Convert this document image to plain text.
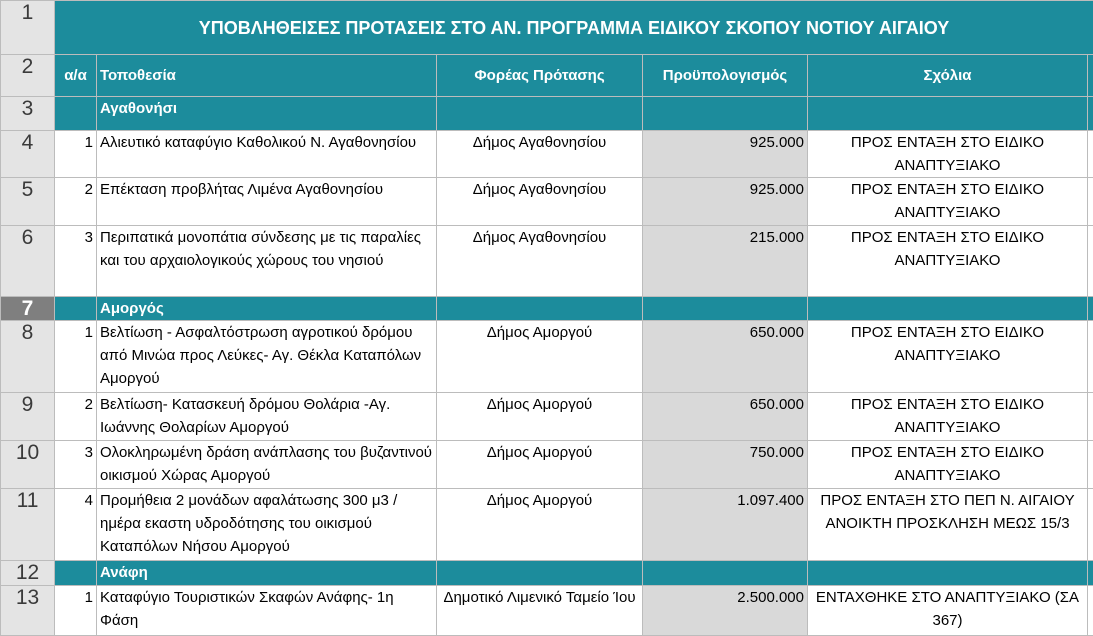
1	ΥΠΟΒΛΗΘΕΙΣΕΣ ΠΡΟΤΑΣΕΙΣ ΣΤΟ ΑΝ. ΠΡΟΓΡΑΜΜΑ ΕΙΔΙΚΟΥ ΣΚΟΠΟΥ ΝΟΤΙΟΥ ΑΙΓΑΙΟΥ					
2	α/α	Τοποθεσία	Φορέας Πρότασης	Προϋπολογισμός	Σχόλια	
3		Αγαθονήσι				
4	1	Αλιευτικό καταφύγιο Καθολικού Ν. Αγαθονησίου	Δήμος Αγαθονησίου	925.000	ΠΡΟΣ ΕΝΤΑΞΗ ΣΤΟ ΕΙΔΙΚΟ ΑΝΑΠΤΥΞΙΑΚΟ	
5	2	Επέκταση προβλήτας Λιμένα Αγαθονησίου	Δήμος Αγαθονησίου	925.000	ΠΡΟΣ ΕΝΤΑΞΗ ΣΤΟ ΕΙΔΙΚΟ ΑΝΑΠΤΥΞΙΑΚΟ	
6	3	Περιπατικά μονοπάτια σύνδεσης με τις παραλίες και του αρχαιολογικούς χώρους του νησιού	Δήμος Αγαθονησίου	215.000	ΠΡΟΣ ΕΝΤΑΞΗ ΣΤΟ ΕΙΔΙΚΟ ΑΝΑΠΤΥΞΙΑΚΟ	
7		Αμοργός				
8	1	Βελτίωση - Ασφαλτόστρωση αγροτικού δρόμου από Μινώα προς Λεύκες- Αγ. Θέκλα Καταπόλων Αμοργού	Δήμος Αμοργού	650.000	ΠΡΟΣ ΕΝΤΑΞΗ ΣΤΟ ΕΙΔΙΚΟ ΑΝΑΠΤΥΞΙΑΚΟ	
9	2	Βελτίωση- Κατασκευή δρόμου Θολάρια -Αγ. Ιωάννης Θολαρίων Αμοργού	Δήμος Αμοργού	650.000	ΠΡΟΣ ΕΝΤΑΞΗ ΣΤΟ ΕΙΔΙΚΟ ΑΝΑΠΤΥΞΙΑΚΟ	
10	3	Ολοκληρωμένη δράση ανάπλασης του βυζαντινού οικισμού Χώρας Αμοργού	Δήμος Αμοργού	750.000	ΠΡΟΣ ΕΝΤΑΞΗ ΣΤΟ ΕΙΔΙΚΟ ΑΝΑΠΤΥΞΙΑΚΟ	
11	4	Προμήθεια 2 μονάδων αφαλάτωσης 300 μ3 / ημέρα εκαστη υδροδότησης του οικισμού Καταπόλων Νήσου Αμοργού	Δήμος Αμοργού	1.097.400	ΠΡΟΣ ΕΝΤΑΞΗ ΣΤΟ ΠΕΠ Ν. ΑΙΓΑΙΟΥ ΑΝΟΙΚΤΗ ΠΡΟΣΚΛΗΣΗ ΜΕΩΣ 15/3	
12		Ανάφη				
13	1	Καταφύγιο Τουριστικών Σκαφών Ανάφης- 1η Φάση	Δημοτικό Λιμενικό Ταμείο Ίου	2.500.000	ΕΝΤΑΧΘΗΚΕ ΣΤΟ ΑΝΑΠΤΥΞΙΑΚΟ (ΣΑ 367)	
